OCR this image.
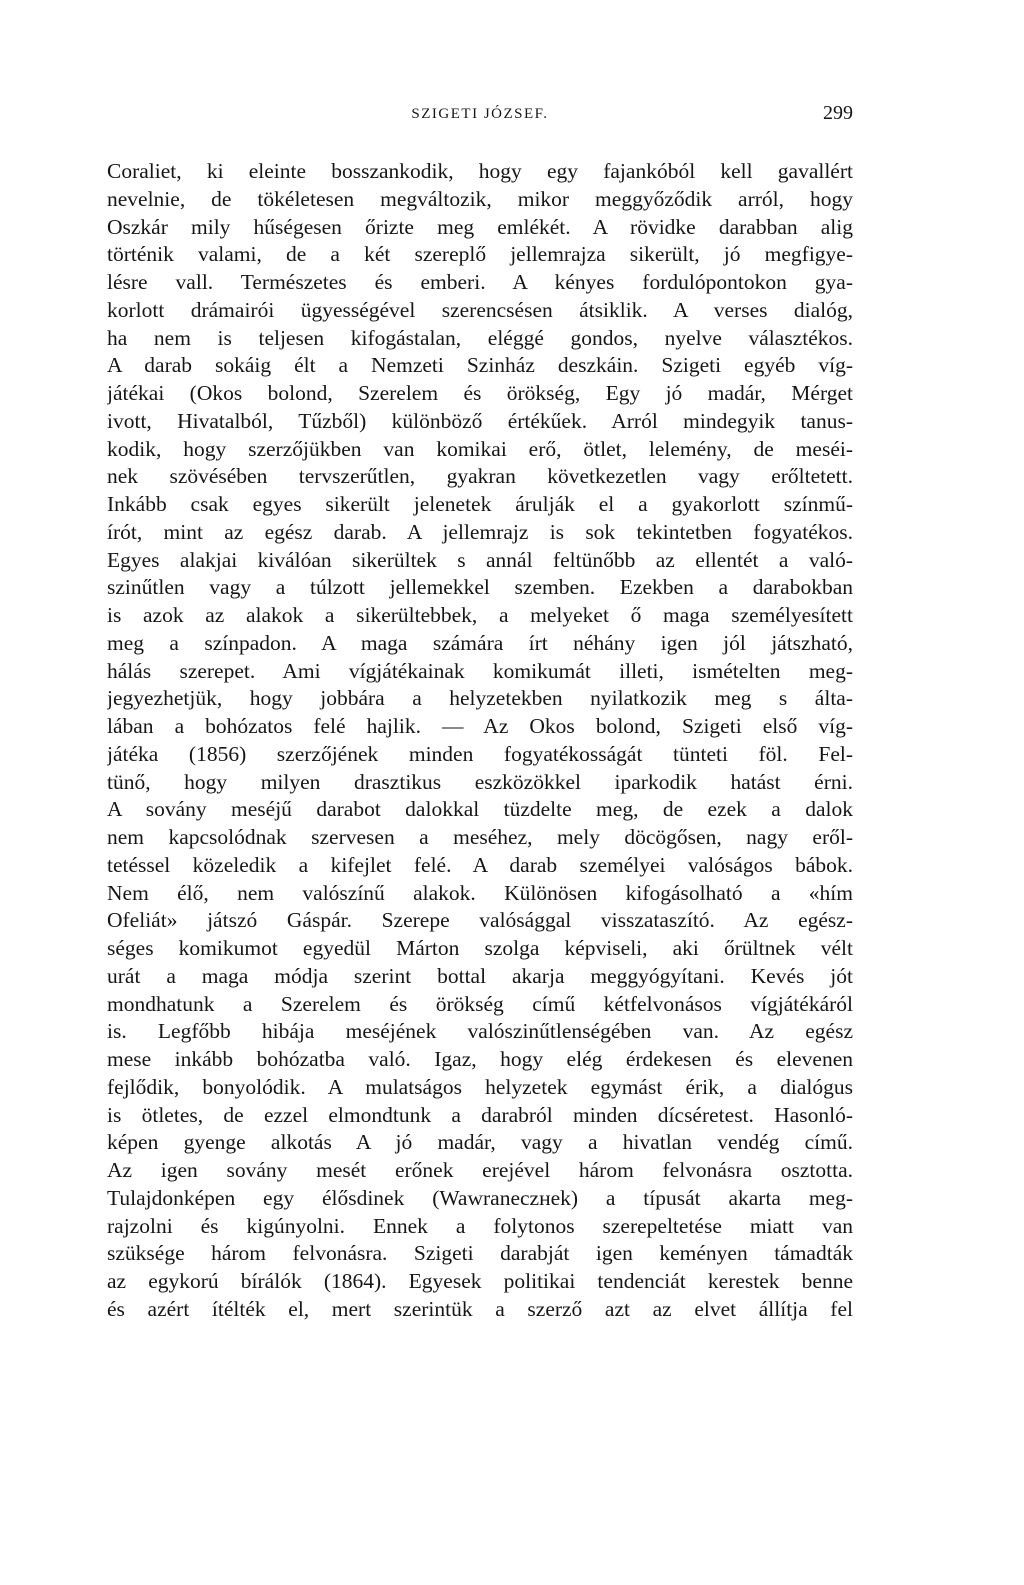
SZIGETI JÓZSEF.	299
Coraliet, ki eleinte bosszankodik, hogy egy fajankóból kell gavallért
nevelnie, de tökéletesen megváltozik, mikor meggyőződik arról, hogy
Oszkár mily hűségesen őrizte meg emlékét. A rövidke darabban alig
történik valami, de a két szereplő jellemrajza sikerült, jó megfigye-
lésre vall. Természetes és emberi. A kényes fordulópontokon gya-
korlott drámairói ügyességével szerencsésen átsiklik. A verses dialóg,
ha nem is teljesen kifogástalan, eléggé gondos, nyelve választékos.
A darab sokáig élt a Nemzeti Szinház deszkáin. Szigeti egyéb víg-
játékai (Okos bolond, Szerelem és örökség, Egy jó madár, Mérget
ivott, Hivatalból, Tűzből) különböző értékűek. Arról mindegyik tanus-
kodik, hogy szerzőjükben van komikai erő, ötlet, lelemény, de meséi-
nek szövésében tervszerűtlen, gyakran következetlen vagy erőltetett.
Inkább csak egyes sikerült jelenetek árulják el a gyakorlott színmű-
írót, mint az egész darab. A jellemrajz is sok tekintetben fogyatékos.
Egyes alakjai kiválóan sikerültek s annál feltünőbb az ellentét a való-
szinűtlen vagy a túlzott jellemekkel szemben. Ezekben a darabokban
is azok az alakok a sikerültebbek, a melyeket ő maga személyesített
meg a színpadon. A maga számára írt néhány igen jól játszható,
hálás szerepet. Ami vígjátékainak komikumát illeti, ismételten meg-
jegyezhetjük, hogy jobbára a helyzetekben nyilatkozik meg s álta-
lában a bohózatos felé hajlik. — Az Okos bolond, Szigeti első víg-
játéka (1856) szerzőjének minden fogyatékosságát tünteti föl. Fel-
tünő, hogy milyen drasztikus eszközökkel iparkodik hatást érni.
A sovány meséjű darabot dalokkal tüzdelte meg, de ezek a dalok
nem kapcsolódnak szervesen a meséhez, mely döcögősen, nagy eről-
tetéssel közeledik a kifejlet felé. A darab személyei valóságos bábok.
Nem élő, nem valószínű alakok. Különösen kifogásolható a «hím
Ofeliát» játszó Gáspár. Szerepe valósággal visszataszító. Az egész-
séges komikumot egyedül Márton szolga képviseli, aki őrültnek vélt
urát a maga módja szerint bottal akarja meggyógyítani. Kevés jót
mondhatunk a Szerelem és örökség című kétfelvonásos vígjátékáról
is. Legfőbb hibája meséjének valószinűtlenségében van. Az egész
mese inkább bohózatba való. Igaz, hogy elég érdekesen és elevenen
fejlődik, bonyolódik. A mulatságos helyzetek egymást érik, a dialógus
is ötletes, de ezzel elmondtunk a darabról minden dícséretest. Hasonló-
képen gyenge alkotás A jó madár, vagy a hivatlan vendég című.
Az igen sovány mesét erőnek erejével három felvonásra osztotta.
Tulajdonképen egy élősdinek (Wawraneczнek) a típusát akarta meg-
rajzolni és kigúnyolni. Ennek a folytonos szerepeltetése miatt van
szüksége három felvonásra. Szigeti darabját igen keményen támadták
az egykorú bírálók (1864). Egyesek politikai tendenciát kerestek benne
és azért ítélték el, mert szerintük a szerző azt az elvet állítja fel
